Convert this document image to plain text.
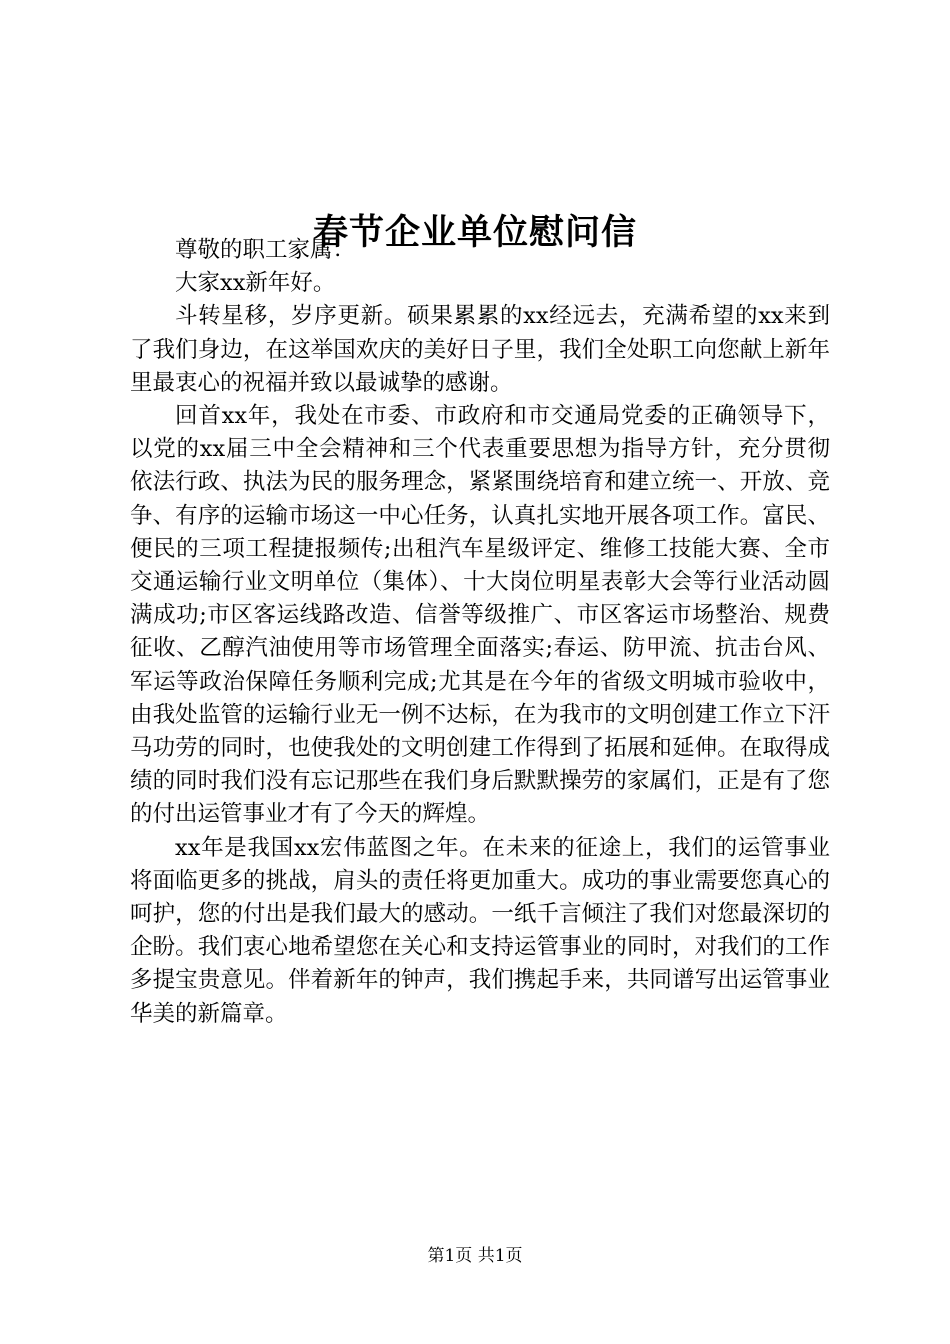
春节企业单位慰问信

尊敬的职工家属：

大家xx新年好。

斗转星移，岁序更新。硕果累累的xx经远去，充满希望的xx来到了我们身边，在这举国欢庆的美好日子里，我们全处职工向您献上新年里最衷心的祝福并致以最诚挚的感谢。

回首xx年，我处在市委、市政府和市交通局党委的正确领导下，以党的xx届三中全会精神和三个代表重要思想为指导方针，充分贯彻依法行政、执法为民的服务理念，紧紧围绕培育和建立统一、开放、竞争、有序的运输市场这一中心任务，认真扎实地开展各项工作。富民、便民的三项工程捷报频传;出租汽车星级评定、维修工技能大赛、全市交通运输行业文明单位（集体）、十大岗位明星表彰大会等行业活动圆满成功;市区客运线路改造、信誉等级推广、市区客运市场整治、规费征收、乙醇汽油使用等市场管理全面落实;春运、防甲流、抗击台风、军运等政治保障任务顺利完成;尤其是在今年的省级文明城市验收中，由我处监管的运输行业无一例不达标，在为我市的文明创建工作立下汗马功劳的同时，也使我处的文明创建工作得到了拓展和延伸。在取得成绩的同时我们没有忘记那些在我们身后默默操劳的家属们，正是有了您的付出运管事业才有了今天的辉煌。

xx年是我国xx宏伟蓝图之年。在未来的征途上，我们的运管事业将面临更多的挑战，肩头的责任将更加重大。成功的事业需要您真心的呵护，您的付出是我们最大的感动。一纸千言倾注了我们对您最深切的企盼。我们衷心地希望您在关心和支持运管事业的同时，对我们的工作多提宝贵意见。伴着新年的钟声，我们携起手来，共同谱写出运管事业华美的新篇章。

第1页 共1页
